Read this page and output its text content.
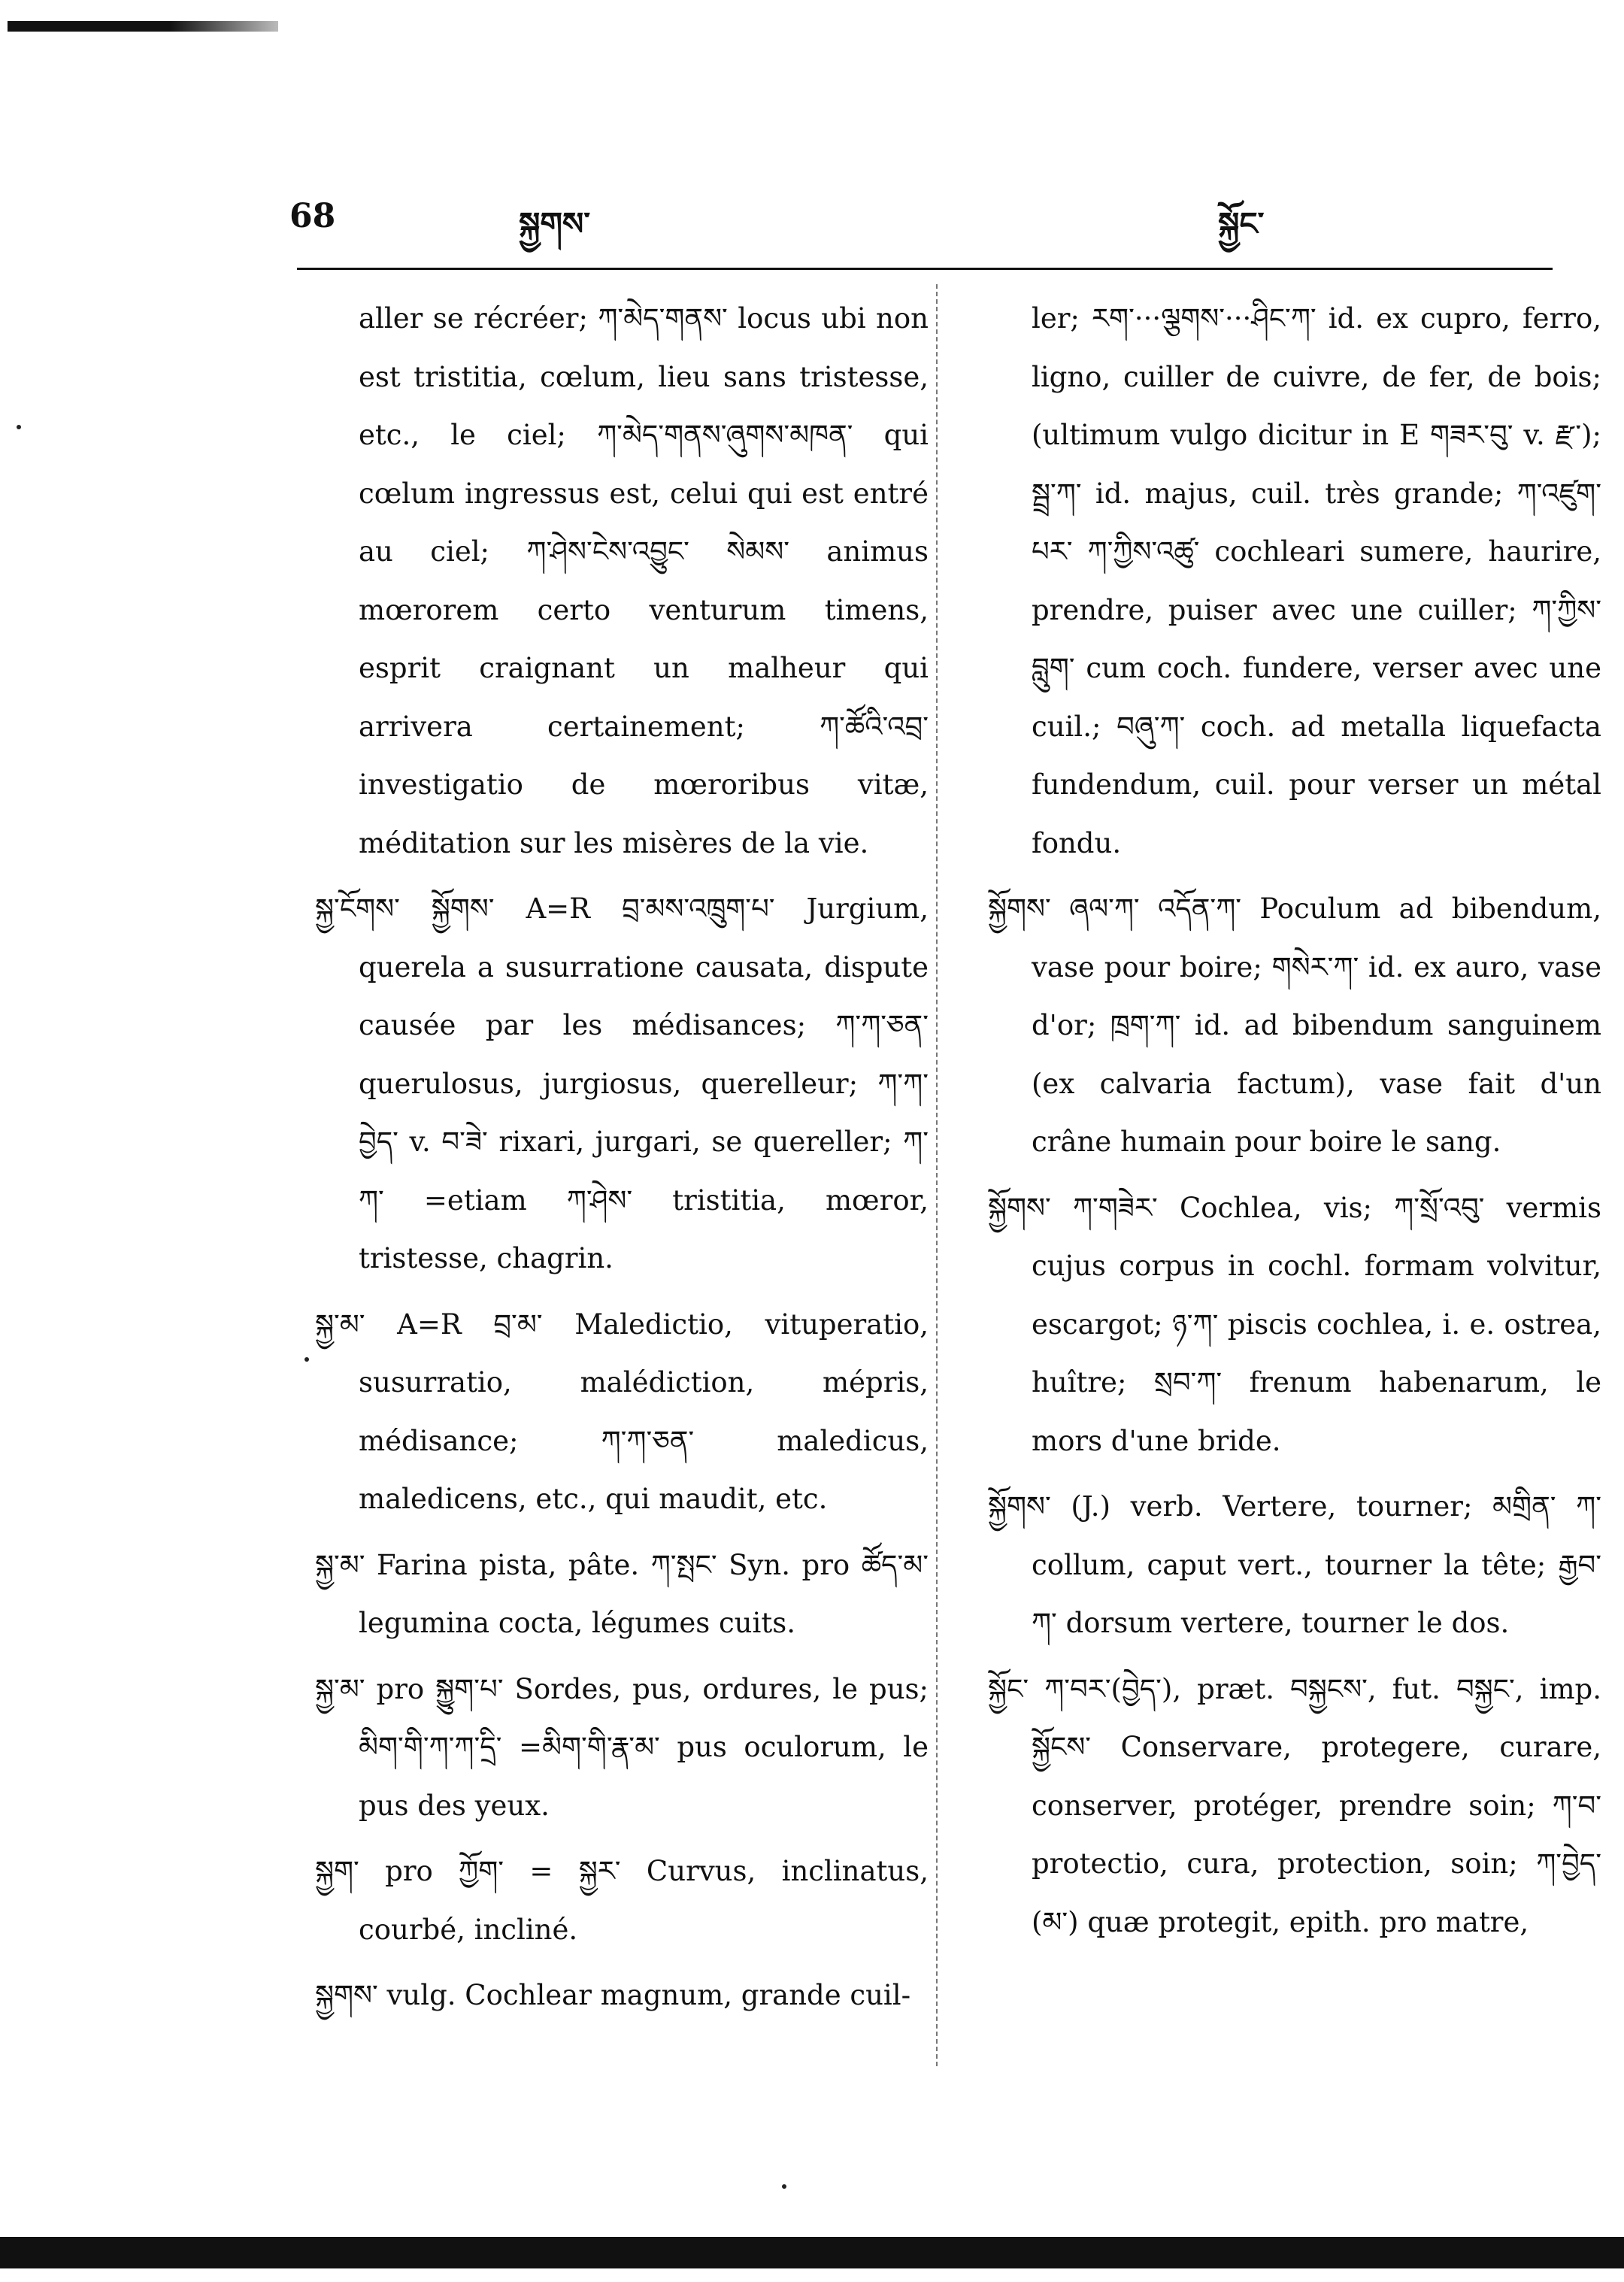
68	སྐྱགས་	སྐྱོང་

aller se récréer; ཀ་མེད་གནས་ locus ubi non est tristitia, cœlum, lieu sans tristesse, etc., le ciel; ཀ་མེད་གནས་ཞུགས་མཁན་ qui cœlum ingressus est, celui qui est entré au ciel; ཀ་ཤེས་ངེས་འབྱུང་ སེམས་ animus mœrorem certo venturum timens, esprit craignant un malheur qui arrivera certainement; ཀ་ཚོའི་འབྲ་ investigatio de mœroribus vitæ, méditation sur les misères de la vie.

སྐྱ་ངོགས་ སྐྱོགས་ A=R བྲ་མས་འཁྲུག་པ་ Jurgium, querela a susurratione causata, dispute causée par les médisances; ཀ་ཀ་ཅན་ querulosus, jurgiosus, querelleur; ཀ་ཀ་བྱེད་ v. བ་ཟེ་ rixari, jurgari, se quereller; ཀ་ཀ་ =etiam ཀ་ཤེས་ tristitia, mœror, tristesse, chagrin.

སྐྱ་མ་ A=R བྲ་མ་ Maledictio, vituperatio, susurratio, malédiction, mépris, médisance; ཀ་ཀ་ཅན་ maledicus, maledicens, etc., qui maudit, etc.

སྐྱ་མ་ Farina pista, pâte. ཀ་སྤང་ Syn. pro ཚོད་མ་ legumina cocta, légumes cuits.

སྐྱ་མ་ pro སྐྱུག་པ་ Sordes, pus, ordures, le pus; མིག་གི་ཀ་ཀ་དྲི་ =མིག་གི་རྣ་མ་ pus oculorum, le pus des yeux.

སྐྱག་ pro ཀྱོག་ = སྐྱར་ Curvus, inclinatus, courbé, incliné.

སྐྱགས་ vulg. Cochlear magnum, grande cuil-

ler; རག་···ལྕགས་···ཤིང་ཀ་ id. ex cupro, ferro, ligno, cuiller de cuivre, de fer, de bois; (ultimum vulgo dicitur in E གཟར་བུ་ v. རྫ་); སྦྲ་ཀ་ id. majus, cuil. très grande; ཀ་འཛུག་པར་ ཀ་ཀྱིས་འཚུ་ cochleari sumere, haurire, prendre, puiser avec une cuiller; ཀ་ཀྱིས་བླུག་ cum coch. fundere, verser avec une cuil.; བཞུ་ཀ་ coch. ad metalla liquefacta fundendum, cuil. pour verser un métal fondu.

སྐྱོགས་ ཞལ་ཀ་ འདོན་ཀ་ Poculum ad bibendum, vase pour boire; གསེར་ཀ་ id. ex auro, vase d'or; ཁྲག་ཀ་ id. ad bibendum sanguinem (ex calvaria factum), vase fait d'un crâne humain pour boire le sang.

སྐྱོགས་ ཀ་གཟེར་ Cochlea, vis; ཀ་སྲོ་འབུ་ vermis cujus corpus in cochl. formam volvitur, escargot; ཉ་ཀ་ piscis cochlea, i. e. ostrea, huître; སྲབ་ཀ་ frenum habenarum, le mors d'une bride.

སྐྱོགས་ (J.) verb. Vertere, tourner; མགྲིན་ ཀ་ collum, caput vert., tourner la tête; རྒྱབ་ཀ་ dorsum vertere, tourner le dos.

སྐྱོང་ ཀ་བར་(བྱེད་), præt. བསྐྱངས་, fut. བསྐྱང་, imp. སྐྱོངས་ Conservare, protegere, curare, conserver, protéger, prendre soin; ཀ་བ་ protectio, cura, protection, soin; ཀ་བྱེད་(མ་) quæ protegit, epith. pro matre,
